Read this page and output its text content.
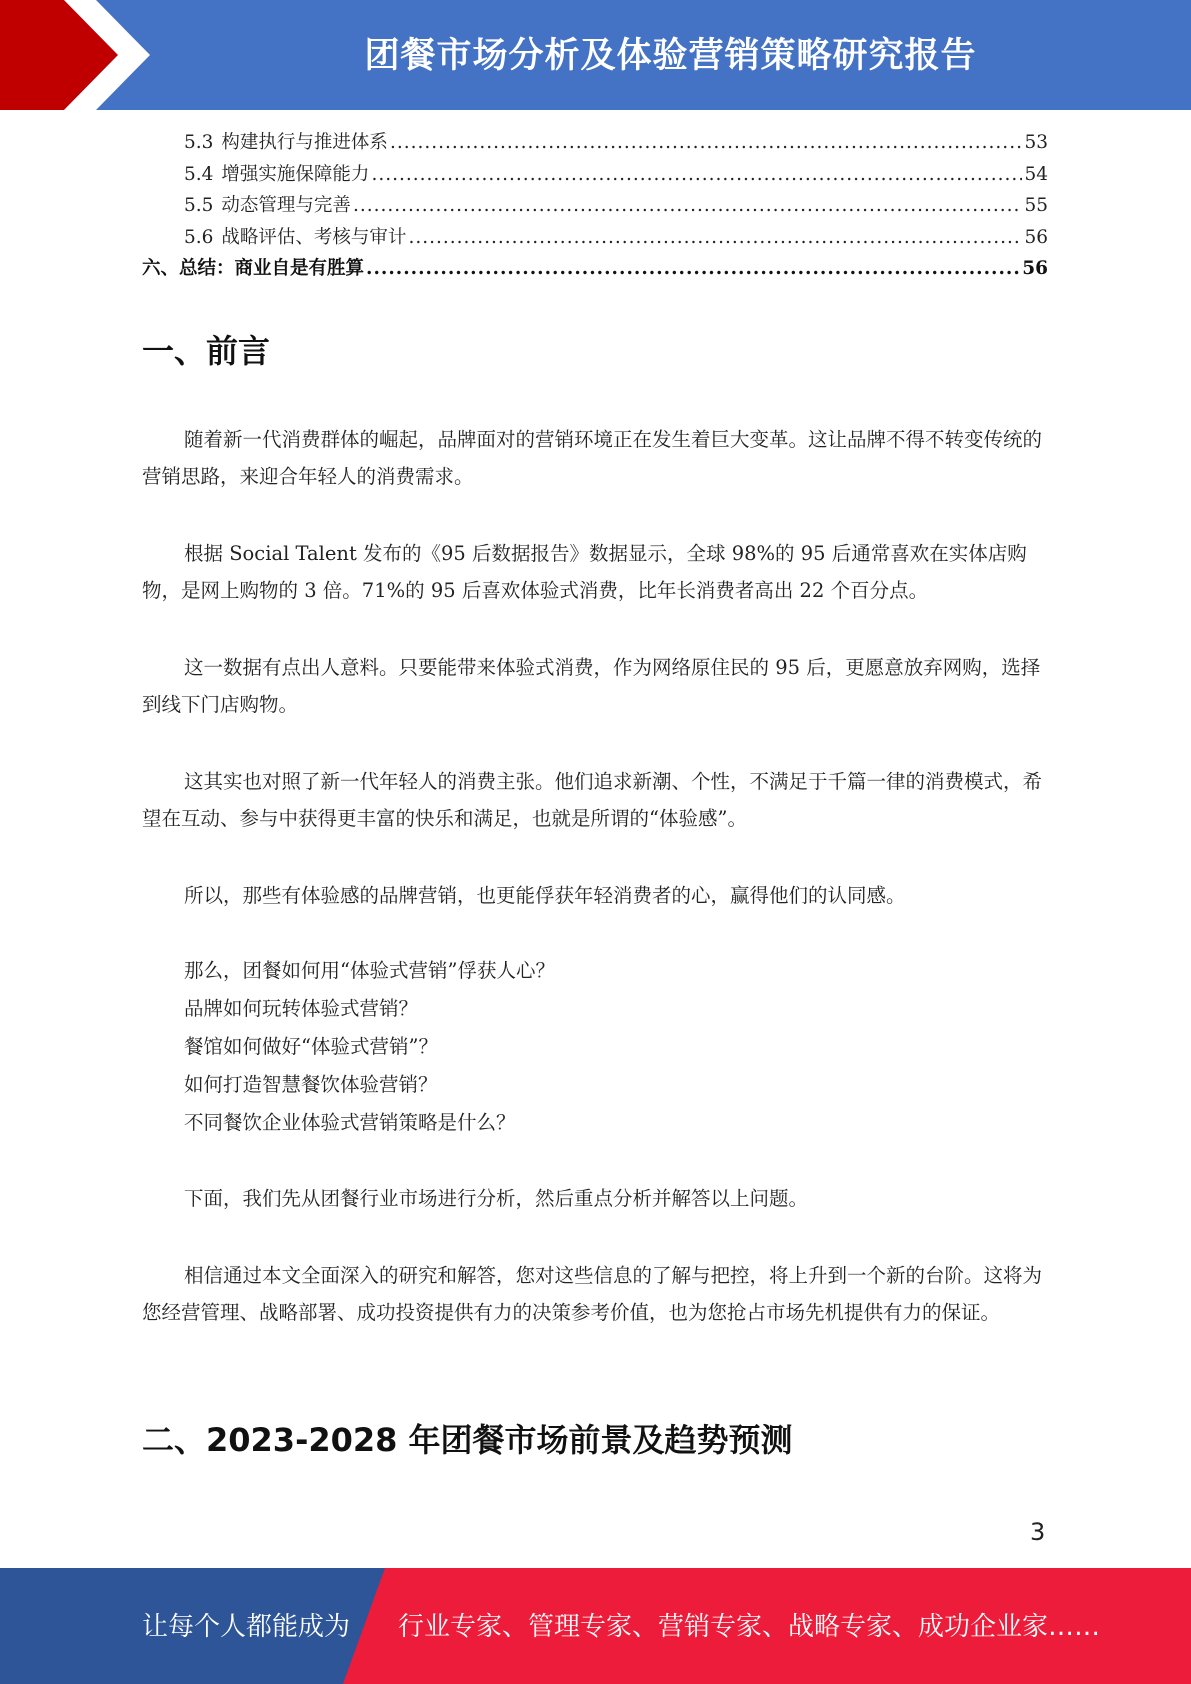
团餐市场分析及体验营销策略研究报告
5.3 构建执行与推进体系 .....	53
5.4 增强实施保障能力 .....	54
5.5 动态管理与完善 .....	55
5.6 战略评估、考核与审计 .....	56
六、总结：商业自是有胜算 .....	56
一、前言
随着新一代消费群体的崛起，品牌面对的营销环境正在发生着巨大变革。这让品牌不得不转变传统的营销思路，来迎合年轻人的消费需求。
根据 Social Talent 发布的《95 后数据报告》数据显示，全球 98%的 95 后通常喜欢在实体店购物，是网上购物的 3 倍。71%的 95 后喜欢体验式消费，比年长消费者高出 22 个百分点。
这一数据有点出人意料。只要能带来体验式消费，作为网络原住民的 95 后，更愿意放弃网购，选择到线下门店购物。
这其实也对照了新一代年轻人的消费主张。他们追求新潮、个性，不满足于千篇一律的消费模式，希望在互动、参与中获得更丰富的快乐和满足，也就是所谓的“体验感”。
所以，那些有体验感的品牌营销，也更能俘获年轻消费者的心，赢得他们的认同感。
那么，团餐如何用“体验式营销”俘获人心？
品牌如何玩转体验式营销？
餐馆如何做好“体验式营销”？
如何打造智慧餐饮体验营销？
不同餐饮企业体验式营销策略是什么？
下面，我们先从团餐行业市场进行分析，然后重点分析并解答以上问题。
相信通过本文全面深入的研究和解答，您对这些信息的了解与把控，将上升到一个新的台阶。这将为您经营管理、战略部署、成功投资提供有力的决策参考价值，也为您抢占市场先机提供有力的保证。
二、2023-2028 年团餐市场前景及趋势预测
3
让每个人都能成为 行业专家、管理专家、营销专家、战略专家、成功企业家……
